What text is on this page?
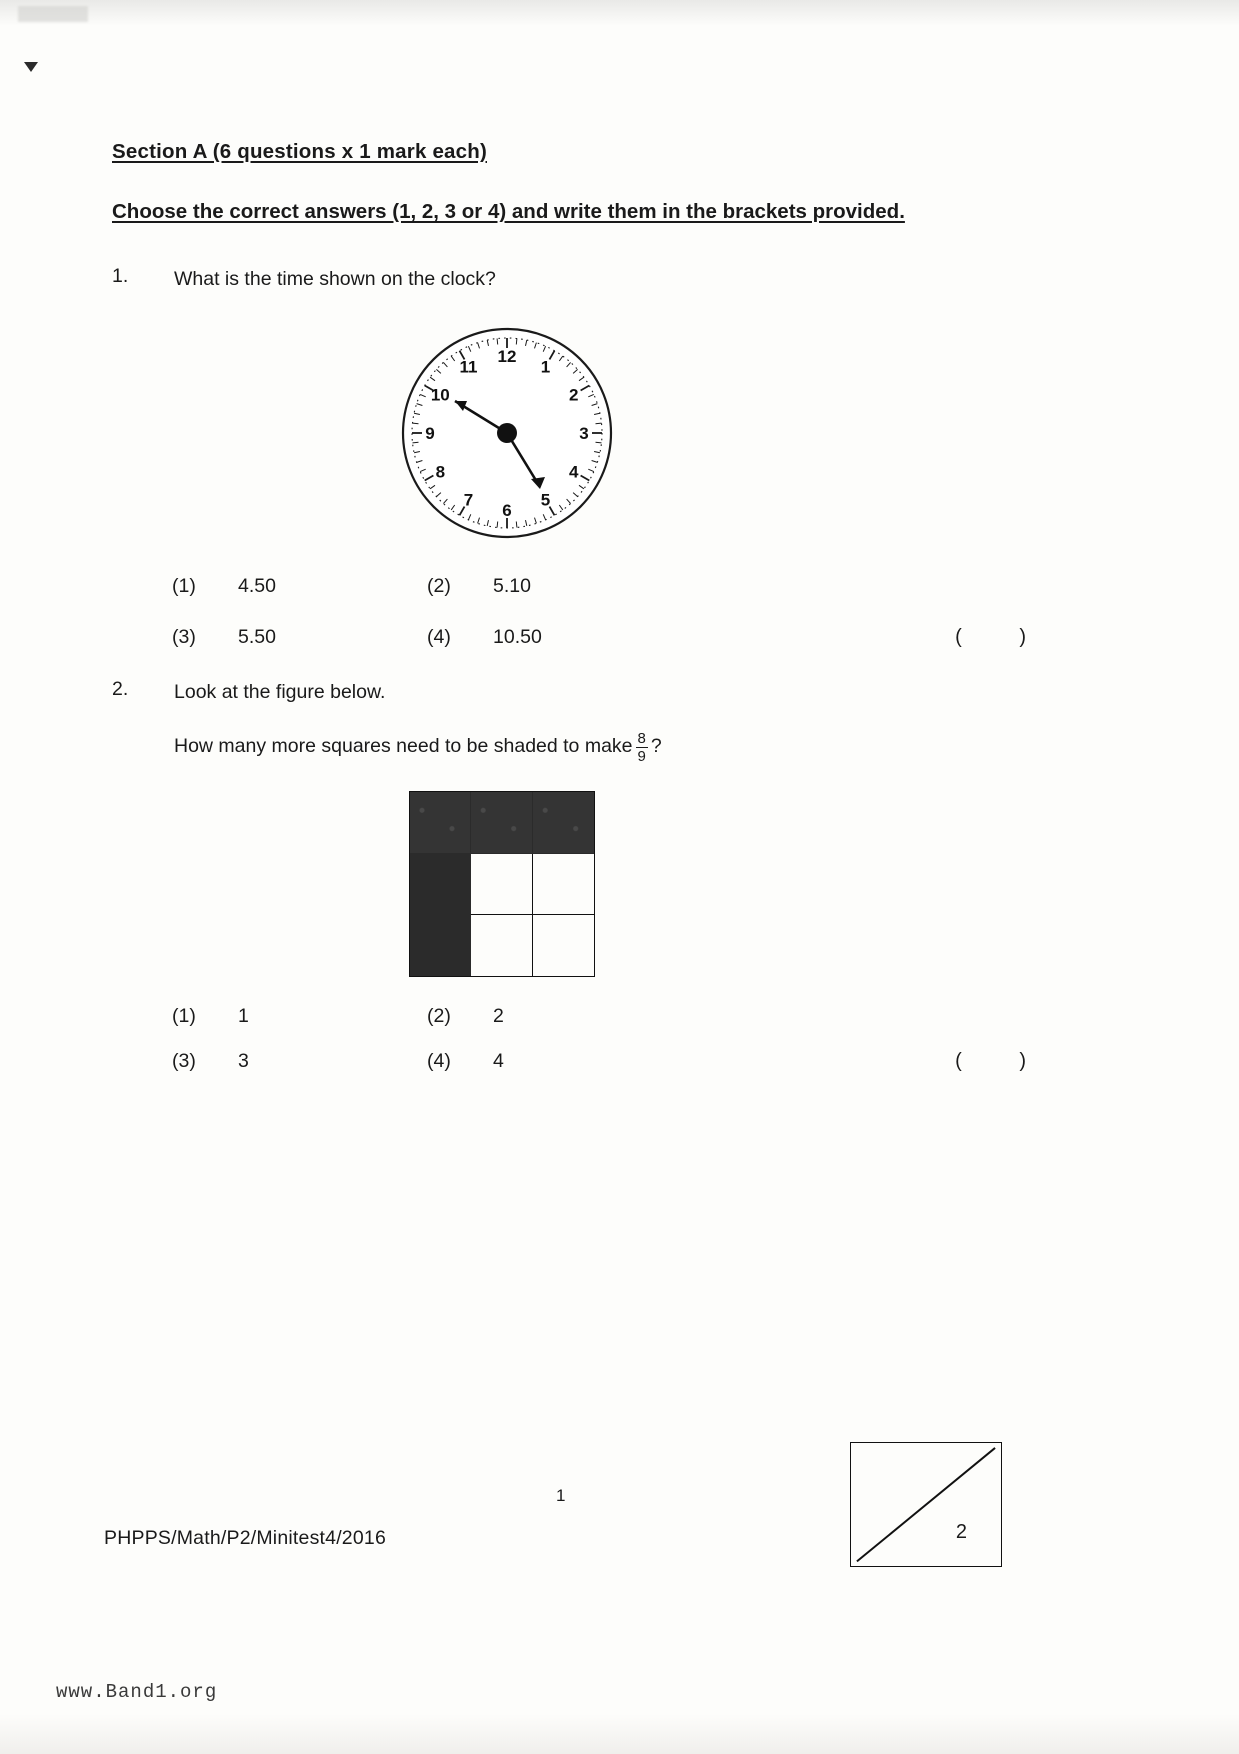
Section A (6 questions x 1 mark each)
Choose the correct answers (1, 2, 3 or 4) and write them in the brackets provided.
1.	What is the time shown on the clock?
1
2
3
4
5
6
7
8
9
10
11
12
(1)	4.50	(2)	5.10
(3)	5.50	(4)	10.50	( )
2.	Look at the figure below.
How many more squares need to be shaded to make $\frac{8}{9}$ ?
(1)	1	(2)	2
(3)	3	(4)	4	( )
1
PHPPS/Math/P2/Minitest4/2016	2
www.Band1.org
